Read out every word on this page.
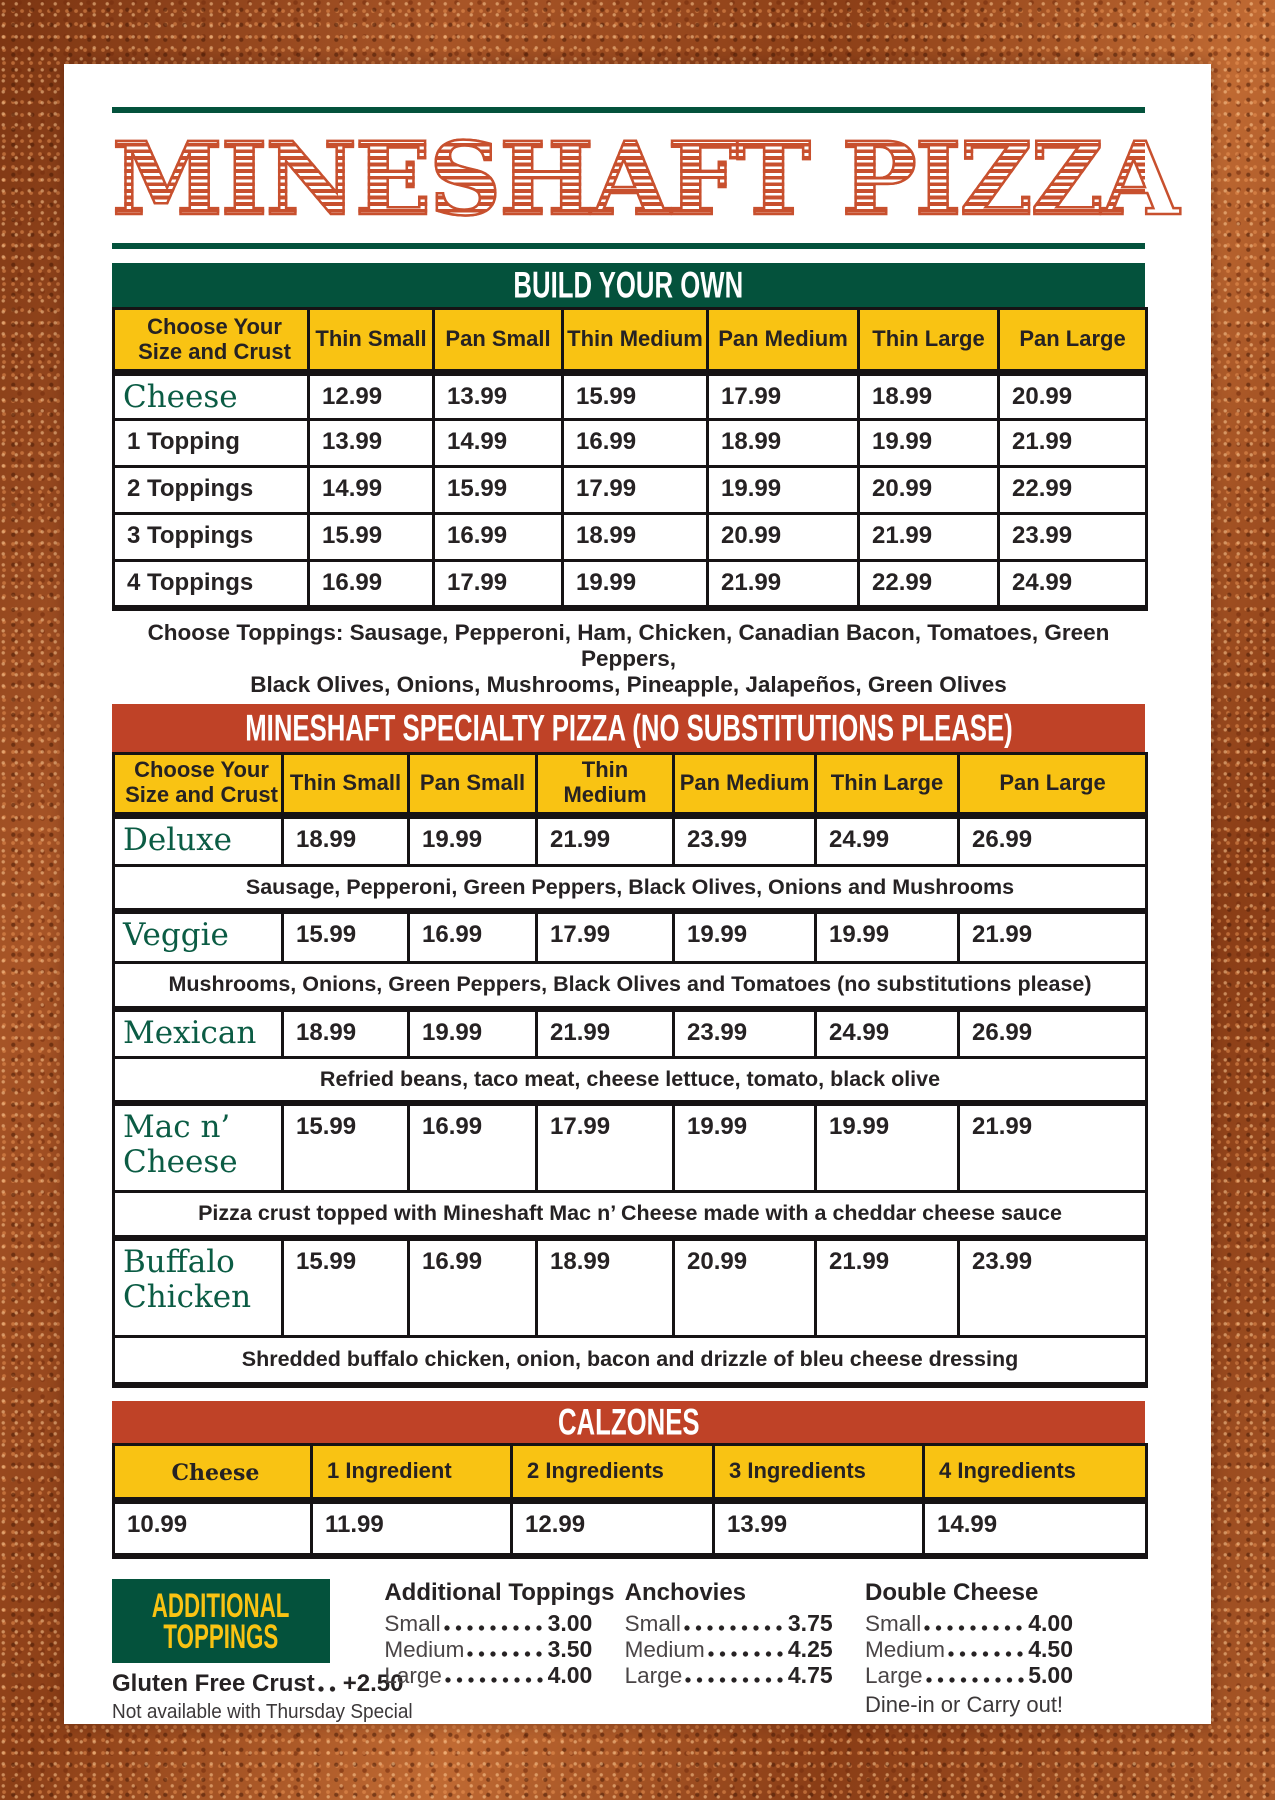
MINESHAFT PIZZA
BUILD YOUR OWN
Choose Your Size and Crust	Thin Small	Pan Small	Thin Medium	Pan Medium	Thin Large	Pan Large
Cheese	12.99	13.99	15.99	17.99	18.99	20.99
1 Topping	13.99	14.99	16.99	18.99	19.99	21.99
2 Toppings	14.99	15.99	17.99	19.99	20.99	22.99
3 Toppings	15.99	16.99	18.99	20.99	21.99	23.99
4 Toppings	16.99	17.99	19.99	21.99	22.99	24.99

Choose Toppings: Sausage, Pepperoni, Ham, Chicken, Canadian Bacon, Tomatoes, Green Peppers,
Black Olives, Onions, Mushrooms, Pineapple, Jalapeños, Green Olives

MINESHAFT SPECIALTY PIZZA (NO SUBSTITUTIONS PLEASE)
Choose Your Size and Crust	Thin Small	Pan Small	Thin Medium	Pan Medium	Thin Large	Pan Large
Deluxe	18.99	19.99	21.99	23.99	24.99	26.99
Sausage, Pepperoni, Green Peppers, Black Olives, Onions and Mushrooms						
Veggie	15.99	16.99	17.99	19.99	19.99	21.99
Mushrooms, Onions, Green Peppers, Black Olives and Tomatoes (no substitutions please)						
Mexican	18.99	19.99	21.99	23.99	24.99	26.99
Refried beans, taco meat, cheese lettuce, tomato, black olive						
Mac n’ Cheese	15.99	16.99	17.99	19.99	19.99	21.99
Pizza crust topped with Mineshaft Mac n’ Cheese made with a cheddar cheese sauce						
Buffalo Chicken	15.99	16.99	18.99	20.99	21.99	23.99
Shredded buffalo chicken, onion, bacon and drizzle of bleu cheese dressing						
CALZONES
Cheese	1 Ingredient	2 Ingredients	3 Ingredients	4 Ingredients
10.99	11.99	12.99	13.99	14.99
ADDITIONAL
TOPPINGS
Gluten Free Crust +2.50
Not available with Thursday Special
Additional Toppings
Small	3.00
Medium	3.50
Large	4.00
Anchovies
Small	3.75
Medium	4.25
Large	4.75
Double Cheese
Small	4.00
Medium	4.50
Large	5.00
Dine-in or Carry out!
